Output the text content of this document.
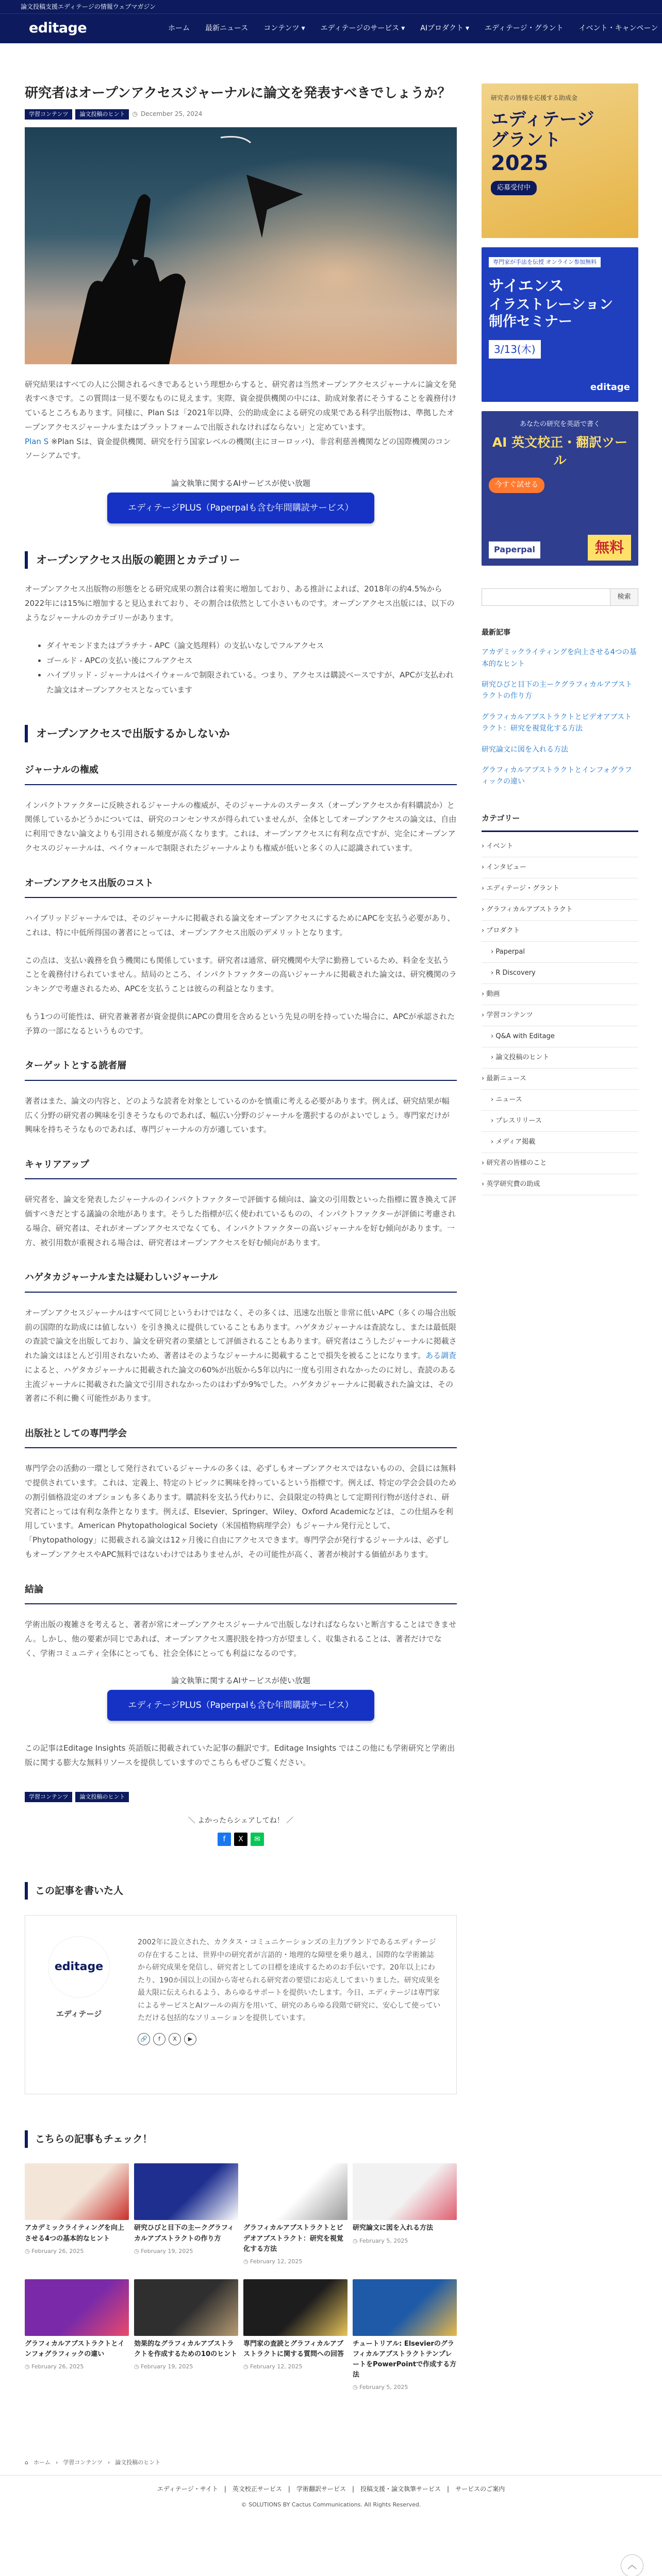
論文投稿支援エディテージの情報ウェブマガジン
editage	ホーム 最新ニュース コンテンツ ▾ エディテージのサービス ▾ AIプロダクト ▾ エディテージ・グラント イベント・キャンペーン
研究者はオープンアクセスジャーナルに論文を発表すべきでしょうか？
学習コンテンツ	論文投稿のヒント	◷ December 25, 2024

研究結果はすべての人に公開されるべきであるという理想からすると、研究者は当然オープンアクセスジャーナルに論文を発表すべきです。この質問は一見不要なものに見えます。実際、資金提供機関の中には、助成対象者にそうすることを義務付けているところもあります。同様に、Plan Sは「2021年以降、公的助成金による研究の成果である科学出版物は、準拠したオープンアクセスジャーナルまたはプラットフォームで出版されなければならない」と定めています。
Plan S ※Plan Sは、資金提供機関、研究を行う国家レベルの機関(主にヨーロッパ)、非営利慈善機関などの国際機関のコンソーシアムです。

論文執筆に関するAIサービスが使い放題
エディテージPLUS（Paperpalも含む年間購読サービス）
オープンアクセス出版の範囲とカテゴリー

オープンアクセス出版物の形態をとる研究成果の割合は着実に増加しており、ある推計によれば、2018年の約4.5%から2022年には15%に増加すると見込まれており、その割合は依然として小さいものです。オープンアクセス出版には、以下のようなジャーナルのカテゴリーがあります。

• ダイヤモンドまたはプラチナ - APC（論文処理料）の支払いなしでフルアクセス
• ゴールド - APCの支払い後にフルアクセス
• ハイブリッド - ジャーナルはペイウォールで制限されている。つまり、アクセスは購読ベースですが、APCが支払われた論文はオープンアクセスとなっています
オープンアクセスで出版するかしないか
ジャーナルの権威

インパクトファクターに反映されるジャーナルの権威が、そのジャーナルのステータス（オープンアクセスか有料購読か）と関係しているかどうかについては、研究のコンセンサスが得られていませんが、全体としてオープンアクセスの論文は、自由に利用できない論文よりも引用される頻度が高くなります。これは、オープンアクセスに有利な点ですが、完全にオープンアクセスのジャーナルは、ペイウォールで制限されたジャーナルよりも権威が低いと多くの人に認識されています。

オープンアクセス出版のコスト

ハイブリッドジャーナルでは、そのジャーナルに掲載される論文をオープンアクセスにするためにAPCを支払う必要があり、これは、特に中低所得国の著者にとっては、オープンアクセス出版のデメリットとなります。

この点は、支払い義務を負う機関にも関係しています。研究者は通常、研究機関や大学に勤務しているため、料金を支払うことを義務付けられていません。結局のところ、インパクトファクターの高いジャーナルに掲載された論文は、研究機関のランキングで考慮されるため、APCを支払うことは彼らの利益となります。

もう1つの可能性は、研究者兼著者が資金提供にAPCの費用を含めるという先見の明を持っていた場合に、APCが承認された予算の一部になるというものです。

ターゲットとする読者層

著者はまた、論文の内容と、どのような読者を対象としているのかを慎重に考える必要があります。例えば、研究結果が幅広く分野の研究者の興味を引きそうなものであれば、幅広い分野のジャーナルを選択するのがよいでしょう。専門家だけが興味を持ちそうなものであれば、専門ジャーナルの方が適しています。

キャリアアップ

研究者を、論文を発表したジャーナルのインパクトファクターで評価する傾向は、論文の引用数といった指標に置き換えて評価すべきだとする議論の余地があります。そうした指標が広く使われているものの、インパクトファクターが評価に考慮される場合、研究者は、それがオープンアクセスでなくても、インパクトファクターの高いジャーナルを好む傾向があります。一方、被引用数が重視される場合は、研究者はオープンアクセスを好む傾向があります。

ハゲタカジャーナルまたは疑わしいジャーナル

オープンアクセスジャーナルはすべて同じというわけではなく、その多くは、迅速な出版と非常に低いAPC（多くの場合出版前の国際的な助成には値しない）を引き換えに提供していることもあります。ハゲタカジャーナルは査読なし、または最低限の査読で論文を出版しており、論文を研究者の業績として評価されることもあります。研究者はこうしたジャーナルに掲載された論文はほとんど引用されないため、著者はそのようなジャーナルに掲載することで損失を被ることになります。ある調査によると、ハゲタカジャーナルに掲載された論文の60%が出版から5年以内に一度も引用されなかったのに対し、査読のある主流ジャーナルに掲載された論文で引用されなかったのはわずか9%でした。ハゲタカジャーナルに掲載された論文は、その著者に不利に働く可能性があります。

出版社としての専門学会

専門学会の活動の一環として発行されているジャーナルの多くは、必ずしもオープンアクセスではないものの、会員には無料で提供されています。これは、定義上、特定のトピックに興味を持っているという指標です。例えば、特定の学会会員のための割引価格設定のオプションも多くあります。購読料を支払う代わりに、会員限定の特典として定期刊行物が送付され、研究者にとっては有利な条件となります。例えば、Elsevier、Springer、Wiley、Oxford Academicなどは、この仕組みを利用しています。American Phytopathological Society（米国植物病理学会）もジャーナル発行元として、「Phytopathology」に掲載される論文は12ヶ月後に自由にアクセスできます。専門学会が発行するジャーナルは、必ずしもオープンアクセスやAPC無料ではないわけではありませんが、その可能性が高く、著者が検討する価値があります。

結論

学術出版の複雑さを考えると、著者が常にオープンアクセスジャーナルで出版しなければならないと断言することはできません。しかし、他の要素が同じであれば、オープンアクセス選択肢を持つ方が望ましく、収集されることは、著者だけでなく、学術コミュニティ全体にとっても、社会全体にとっても利益になるのです。

論文執筆に関するAIサービスが使い放題
エディテージPLUS（Paperpalも含む年間購読サービス）

この記事はEditage Insights 英語版に掲載されていた記事の翻訳です。Editage Insights ではこの他にも学術研究と学術出版に関する膨大な無料リソースを提供していますのでこちらもぜひご覧ください。

学習コンテンツ	論文投稿のヒント
＼ よかったらシェアしてね！ ／
f	X	✉
この記事を書いた人
editage
エディテージ

2002年に設立された、カクタス・コミュニケーションズの主力ブランドであるエディテージの存在することは、世界中の研究者が言語的・地理的な障壁を乗り越え、国際的な学術雑誌から研究成果を発信し、研究者としての目標を達成するためのお手伝いです。20年以上にわたり、190か国以上の国から寄せられる研究者の要望にお応えしてまいりました。研究成果を最大限に伝えられるよう、あらゆるサポートを提供いたします。今日、エディテージは専門家によるサービスとAIツールの両方を用いて、研究のあらゆる段階で研究に、安心して使っていただける包括的なソリューションを提供しています。

🔗	f	X	▶
こちらの記事もチェック！
アカデミックライティングを向上させる4つの基本的なヒント
◷ February 26, 2025
研究ひびと目下の主ークグラフィカルアブストラクトの作り方
◷ February 19, 2025
グラフィカルアブストラクトとビデオアブストラクト：研究を視覚化する方法
◷ February 12, 2025
研究論文に図を入れる方法
◷ February 5, 2025
グラフィカルアブストラクトとインフォグラフィックの違い
◷ February 26, 2025
効果的なグラフィカルアブストラクトを作成するための10のヒント
◷ February 19, 2025
専門家の査読とグラフィカルアブストラクトに関する質問への回答
◷ February 12, 2025
チュートリアル: ElsevierのグラフィカルアブストラクトテンプレートをPowerPointで作成する方法
◷ February 5, 2025
研究者の皆様を応援する助成金
エディテージ
グラント
2025
応募受付中
専門家が手法を伝授 オンライン参加無料
サイエンス
イラストレーション
制作セミナー
3/13(木)
editage
あなたの研究を英語で書く
AI 英文校正・翻訳ツール
今すぐ試せる
Paperpal	無料
検索
最新記事
アカデミックライティングを向上させる4つの基本的なヒント
研究ひびと目下の主ークグラフィカルアブストラクトの作り方
グラフィカルアブストラクトとビデオアブストラクト：研究を視覚化する方法
研究論文に図を入れる方法
グラフィカルアブストラクトとインフォグラフィックの違い
カテゴリー
› イベント
› インタビュー
› エディテージ・グラント
› グラフィカルアブストラクト
› プロダクト
› Paperpal
› R Discovery
› 動画
› 学習コンテンツ
› Q&A with Editage
› 論文投稿のヒント
› 最新ニュース
› ニュース
› プレスリリース
› メディア掲載
› 研究者の皆様のこと
› 英学研究費の助成
⌂ ホーム › 学習コンテンツ › 論文投稿のヒント
エディテージ・サイト | 英文校正サービス | 学術翻訳サービス | 投稿支援・論文執筆サービス | サービスのご案内
© SOLUTIONS BY Cactus Communications. All Rights Reserved.
︿
